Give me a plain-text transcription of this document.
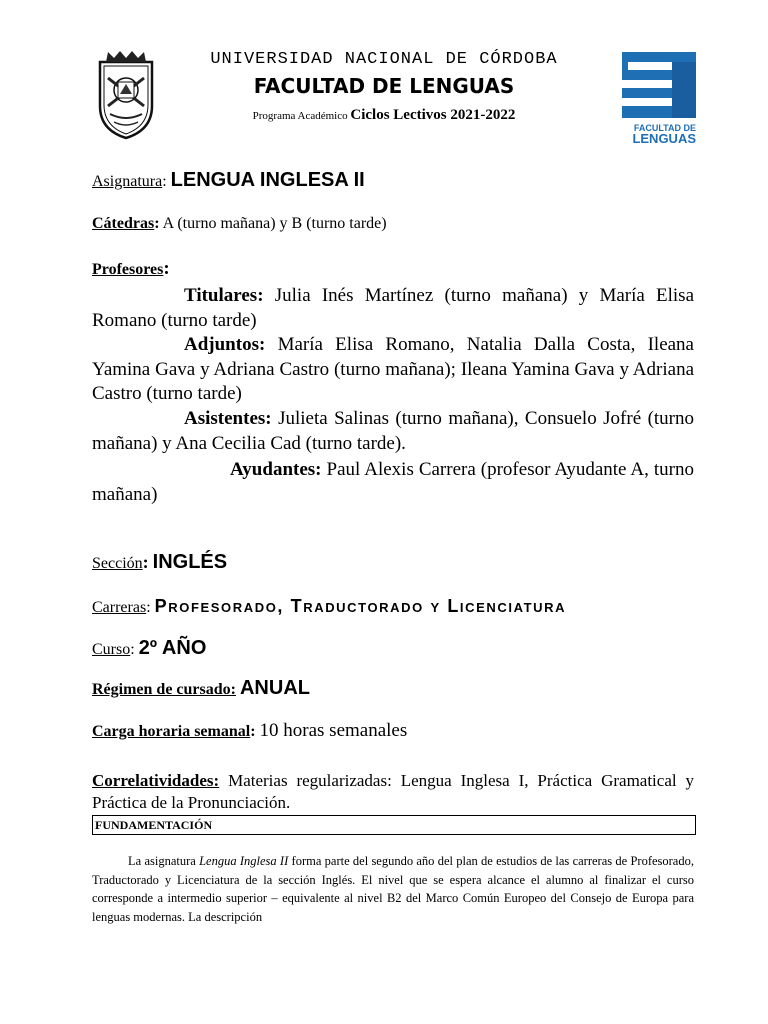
UNIVERSIDAD NACIONAL DE CÓRDOBA
FACULTAD DE LENGUAS
Programa Académico Ciclos Lectivos 2021-2022
FACULTAD DE
LENGUAS
Asignatura: LENGUA INGLESA II
Cátedras: A (turno mañana) y B (turno tarde)
Profesores:
Titulares: Julia Inés Martínez (turno mañana) y María Elisa Romano (turno tarde)
Adjuntos: María Elisa Romano, Natalia Dalla Costa, Ileana Yamina Gava y Adriana Castro (turno mañana); Ileana Yamina Gava y Adriana Castro (turno tarde)
Asistentes: Julieta Salinas (turno mañana), Consuelo Jofré (turno mañana) y Ana Cecilia Cad (turno tarde).
Ayudantes: Paul Alexis Carrera (profesor Ayudante A, turno mañana)
Sección: INGLÉS
Carreras: Profesorado, Traductorado y Licenciatura
Curso: 2º AÑO
Régimen de cursado: ANUAL
Carga horaria semanal: 10 horas semanales
Correlatividades: Materias regularizadas: Lengua Inglesa I, Práctica Gramatical y Práctica de la Pronunciación.
FUNDAMENTACIÓN
La asignatura Lengua Inglesa II forma parte del segundo año del plan de estudios de las carreras de Profesorado, Traductorado y Licenciatura de la sección Inglés. El nivel que se espera alcance el alumno al finalizar el curso corresponde a intermedio superior – equivalente al nivel B2 del Marco Común Europeo del Consejo de Europa para lenguas modernas. La descripción
